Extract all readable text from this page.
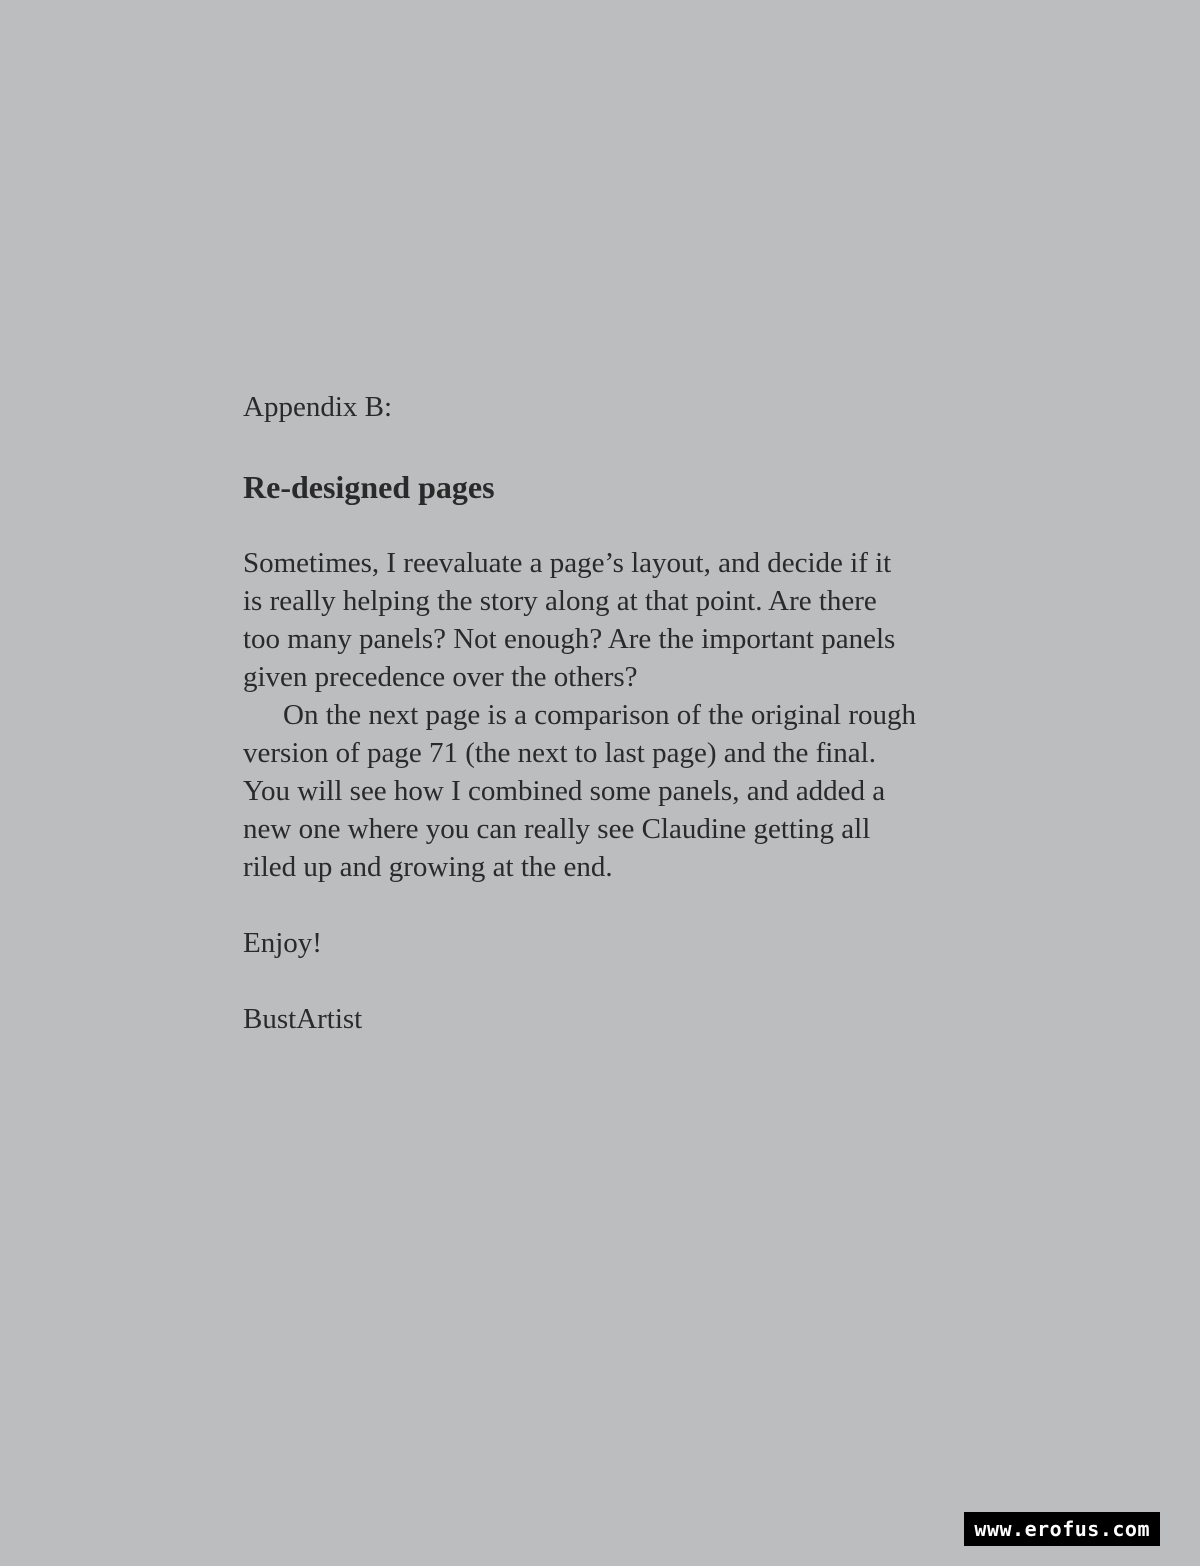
Appendix B:

Re-designed pages

Sometimes, I reevaluate a page’s layout, and decide if it
is really helping the story along at that point. Are there
too many panels? Not enough? Are the important panels
given precedence over the others?

On the next page is a comparison of the original rough
version of page 71 (the next to last page) and the final.
You will see how I combined some panels, and added a
new one where you can really see Claudine getting all
riled up and growing at the end.

Enjoy!

BustArtist

www.erofus.com
